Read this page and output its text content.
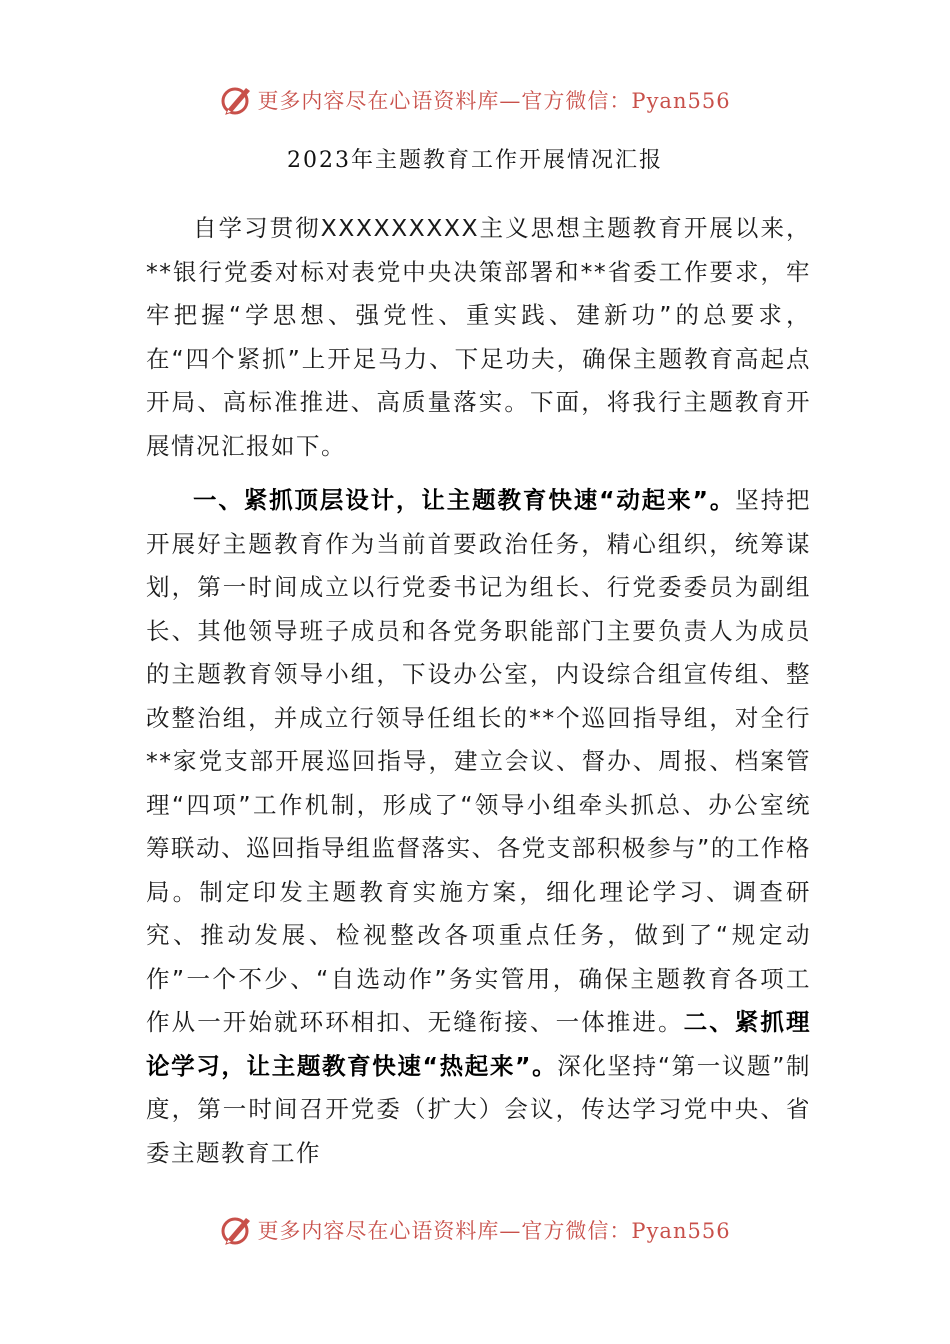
更多内容尽在心语资料库—官方微信：Pyan556
2023年主题教育工作开展情况汇报

自学习贯彻XXXXXXXXX主义思想主题教育开展以来，**银行党委对标对表党中央决策部署和**省委工作要求，牢牢把握“学思想、强党性、重实践、建新功”的总要求，在“四个紧抓”上开足马力、下足功夫，确保主题教育高起点开局、高标准推进、高质量落实。下面，将我行主题教育开展情况汇报如下。

一、紧抓顶层设计，让主题教育快速“动起来”。坚持把开展好主题教育作为当前首要政治任务，精心组织，统筹谋划，第一时间成立以行党委书记为组长、行党委委员为副组长、其他领导班子成员和各党务职能部门主要负责人为成员的主题教育领导小组，下设办公室，内设综合组宣传组、整改整治组，并成立行领导任组长的**个巡回指导组，对全行**家党支部开展巡回指导，建立会议、督办、周报、档案管理“四项”工作机制，形成了“领导小组牵头抓总、办公室统筹联动、巡回指导组监督落实、各党支部积极参与”的工作格局。制定印发主题教育实施方案，细化理论学习、调查研究、推动发展、检视整改各项重点任务，做到了“规定动作”一个不少、“自选动作”务实管用，确保主题教育各项工作从一开始就环环相扣、无缝衔接、一体推进。二、紧抓理论学习，让主题教育快速“热起来”。深化坚持“第一议题”制度，第一时间召开党委（扩大）会议，传达学习党中央、省委主题教育工作

更多内容尽在心语资料库—官方微信：Pyan556
